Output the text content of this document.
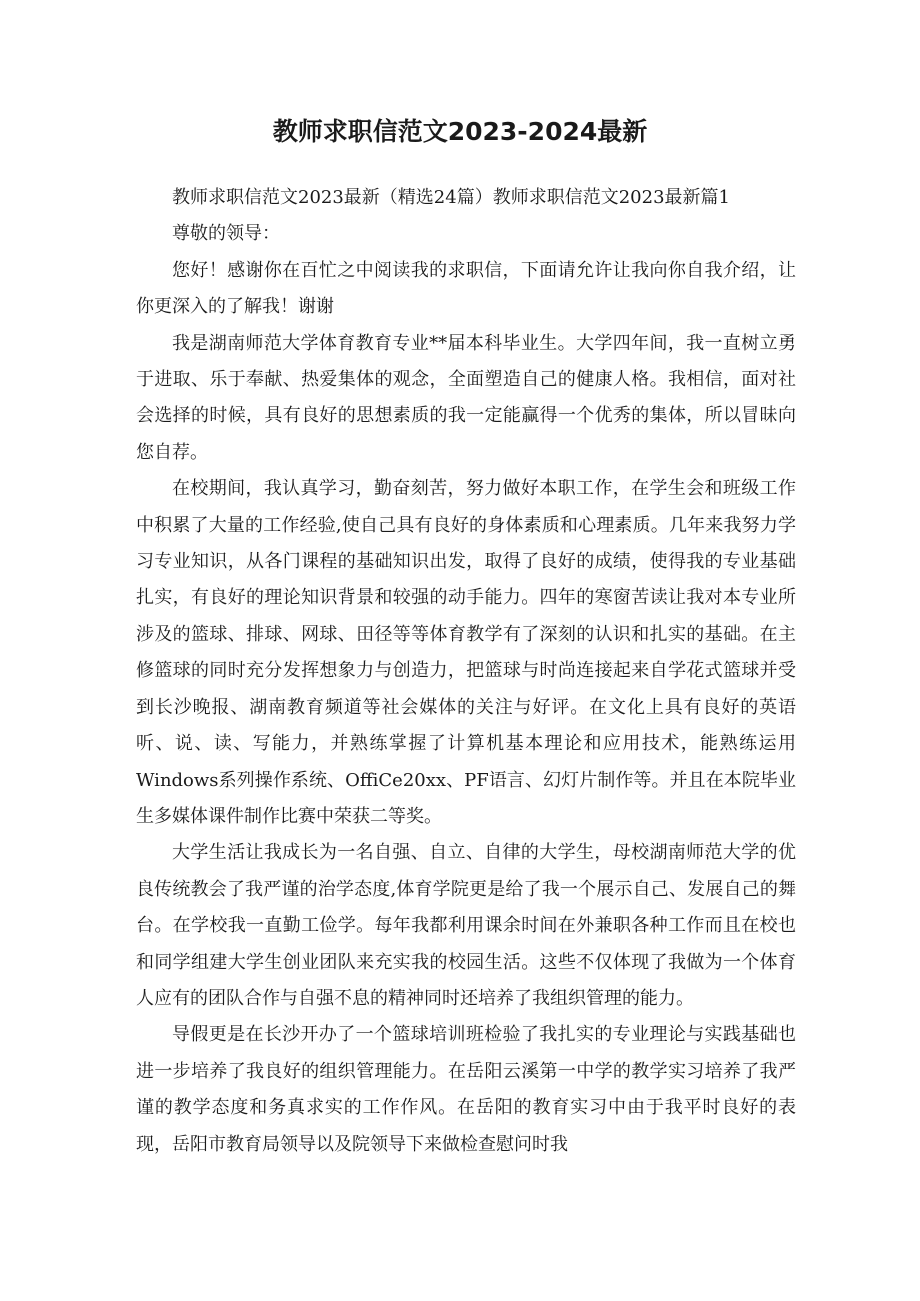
教师求职信范文2023-2024最新

教师求职信范文2023最新（精选24篇）教师求职信范文2023最新篇1

尊敬的领导：

您好！感谢你在百忙之中阅读我的求职信，下面请允许让我向你自我介绍，让你更深入的了解我！谢谢

我是湖南师范大学体育教育专业**届本科毕业生。大学四年间，我一直树立勇于进取、乐于奉献、热爱集体的观念，全面塑造自己的健康人格。我相信，面对社会选择的时候，具有良好的思想素质的我一定能赢得一个优秀的集体，所以冒昧向您自荐。

在校期间，我认真学习，勤奋刻苦，努力做好本职工作，在学生会和班级工作中积累了大量的工作经验,使自己具有良好的身体素质和心理素质。几年来我努力学习专业知识，从各门课程的基础知识出发，取得了良好的成绩，使得我的专业基础扎实，有良好的理论知识背景和较强的动手能力。四年的寒窗苦读让我对本专业所涉及的篮球、排球、网球、田径等等体育教学有了深刻的认识和扎实的基础。在主修篮球的同时充分发挥想象力与创造力，把篮球与时尚连接起来自学花式篮球并受到长沙晚报、湖南教育频道等社会媒体的关注与好评。在文化上具有良好的英语听、说、读、写能力，并熟练掌握了计算机基本理论和应用技术，能熟练运用Windows系列操作系统、OffiCe20xx、PF语言、幻灯片制作等。并且在本院毕业生多媒体课件制作比赛中荣获二等奖。

大学生活让我成长为一名自强、自立、自律的大学生，母校湖南师范大学的优良传统教会了我严谨的治学态度,体育学院更是给了我一个展示自己、发展自己的舞台。在学校我一直勤工俭学。每年我都利用课余时间在外兼职各种工作而且在校也和同学组建大学生创业团队来充实我的校园生活。这些不仅体现了我做为一个体育人应有的团队合作与自强不息的精神同时还培养了我组织管理的能力。

导假更是在长沙开办了一个篮球培训班检验了我扎实的专业理论与实践基础也进一步培养了我良好的组织管理能力。在岳阳云溪第一中学的教学实习培养了我严谨的教学态度和务真求实的工作作风。在岳阳的教育实习中由于我平时良好的表现，岳阳市教育局领导以及院领导下来做检查慰问时我
